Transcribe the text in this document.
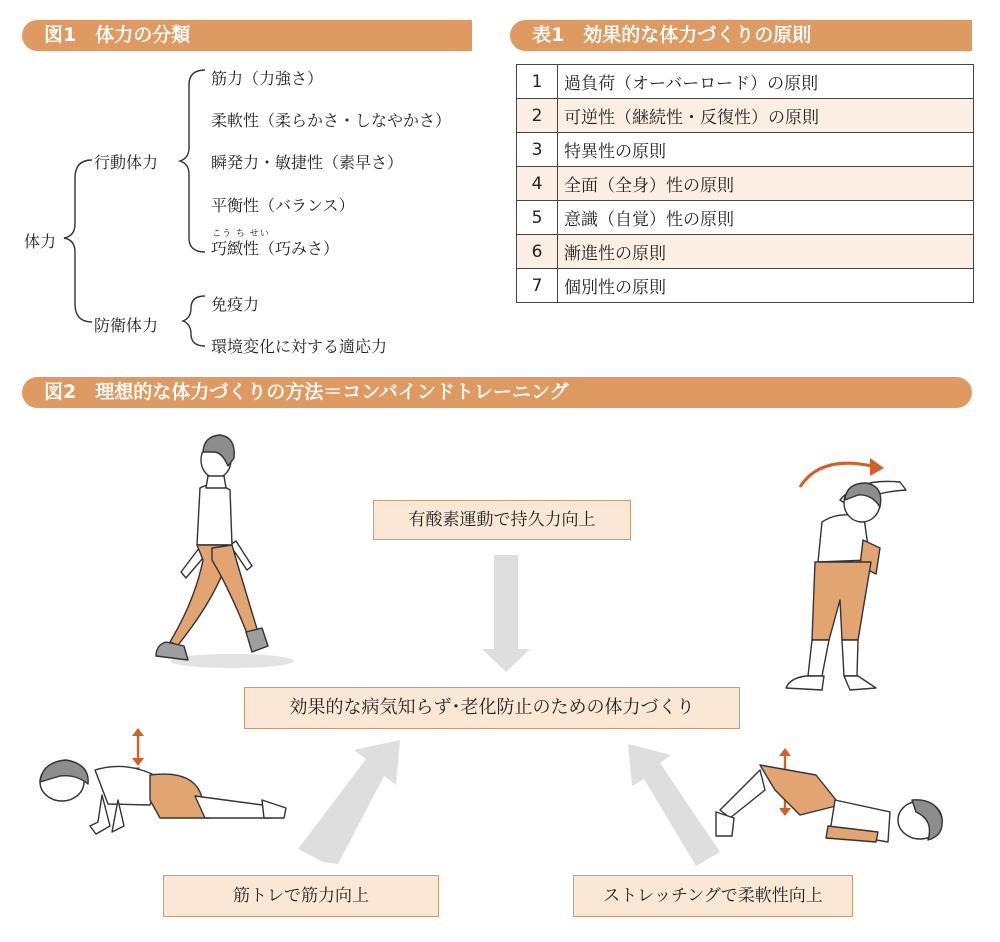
図1　体力の分類	表1　効果的な体力づくりの原則
図2　理想的な体力づくりの方法＝コンバインドトレーニング
体力
行動体力
防衛体力
筋力（力強さ）
柔軟性（柔らかさ・しなやかさ）
瞬発力・敏捷性（素早さ）
平衡性（バランス）
こう ち せい
巧緻性（巧みさ）
免疫力
環境変化に対する適応力
1	過負荷（オーバーロード）の原則
2	可逆性（継続性・反復性）の原則
3	特異性の原則
4	全面（全身）性の原則
5	意識（自覚）性の原則
6	漸進性の原則
7	個別性の原則
有酸素運動で持久力向上
効果的な病気知らず･老化防止のための体力づくり
筋トレで筋力向上	ストレッチングで柔軟性向上
